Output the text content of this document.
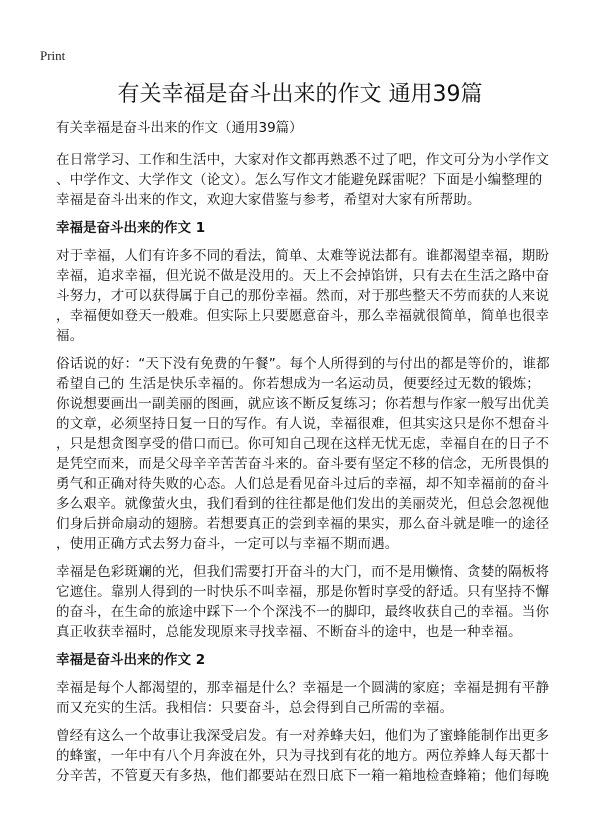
Print
有关幸福是奋斗出来的作文 通用39篇
有关幸福是奋斗出来的作文（通用39篇）
在日常学习、工作和生活中，大家对作文都再熟悉不过了吧，作文可分为小学作文
、中学作文、大学作文（论文）。怎么写作文才能避免踩雷呢？下面是小编整理的
幸福是奋斗出来的作文，欢迎大家借鉴与参考，希望对大家有所帮助。
幸福是奋斗出来的作文 1
对于幸福，人们有许多不同的看法，简单、太难等说法都有。谁都渴望幸福，期盼
幸福，追求幸福，但光说不做是没用的。天上不会掉馅饼，只有去在生活之路中奋
斗努力，才可以获得属于自己的那份幸福。然而，对于那些整天不劳而获的人来说
，幸福便如登天一般难。但实际上只要愿意奋斗，那么幸福就很简单，简单也很幸
福。
俗话说的好：“天下没有免费的午餐”。每个人所得到的与付出的都是等价的，谁都
希望自己的 生活是快乐幸福的。你若想成为一名运动员，便要经过无数的锻炼；
你说想要画出一副美丽的图画，就应该不断反复练习；你若想与作家一般写出优美
的文章，必须坚持日复一日的写作。有人说，幸福很难，但其实这只是你不想奋斗
，只是想贪图享受的借口而已。你可知自己现在这样无忧无虑，幸福自在的日子不
是凭空而来，而是父母辛辛苦苦奋斗来的。奋斗要有坚定不移的信念，无所畏惧的
勇气和正确对待失败的心态。人们总是看见奋斗过后的幸福，却不知幸福前的奋斗
多么艰辛。就像萤火虫，我们看到的往往都是他们发出的美丽荧光，但总会忽视他
们身后拼命扇动的翅膀。若想要真正的尝到幸福的果实，那么奋斗就是唯一的途径
，使用正确方式去努力奋斗，一定可以与幸福不期而遇。
幸福是色彩斑斓的光，但我们需要打开奋斗的大门，而不是用懒惰、贪婪的隔板将
它遮住。靠别人得到的一时快乐不叫幸福，那是你暂时享受的舒适。只有坚持不懈
的奋斗，在生命的旅途中踩下一个个深浅不一的脚印，最终收获自己的幸福。当你
真正收获幸福时，总能发现原来寻找幸福、不断奋斗的途中，也是一种幸福。
幸福是奋斗出来的作文 2
幸福是每个人都渴望的，那幸福是什么？幸福是一个圆满的家庭；幸福是拥有平静
而又充实的生活。我相信：只要奋斗，总会得到自己所需的幸福。
曾经有这么一个故事让我深受启发。有一对养蜂夫妇，他们为了蜜蜂能制作出更多
的蜂蜜，一年中有八个月奔波在外，只为寻找到有花的地方。两位养蜂人每天都十
分辛苦，不管夏天有多热，他们都要站在烈日底下一箱一箱地检查蜂箱；他们每晚
